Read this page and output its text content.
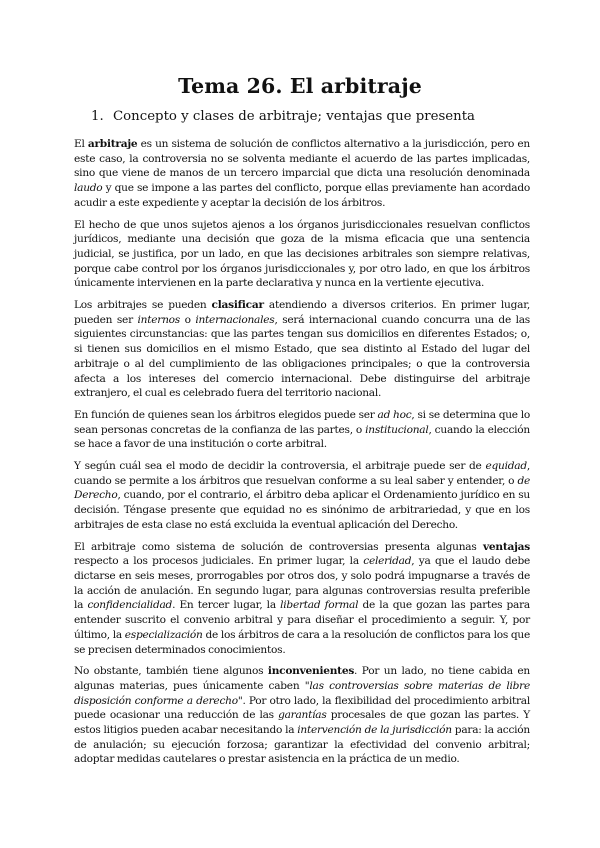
Tema 26. El arbitraje
1. Concepto y clases de arbitraje; ventajas que presenta

El arbitraje es un sistema de solución de conflictos alternativo a la jurisdicción, pero en este caso, la controversia no se solventa mediante el acuerdo de las partes implicadas, sino que viene de manos de un tercero imparcial que dicta una resolución denominada laudo y que se impone a las partes del conflicto, porque ellas previamente han acordado acudir a este expediente y aceptar la decisión de los árbitros.

El hecho de que unos sujetos ajenos a los órganos jurisdiccionales resuelvan conflictos jurídicos, mediante una decisión que goza de la misma eficacia que una sentencia judicial, se justifica, por un lado, en que las decisiones arbitrales son siempre relativas, porque cabe control por los órganos jurisdiccionales y, por otro lado, en que los árbitros únicamente intervienen en la parte declarativa y nunca en la vertiente ejecutiva.

Los arbitrajes se pueden clasificar atendiendo a diversos criterios. En primer lugar, pueden ser internos o internacionales, será internacional cuando concurra una de las siguientes circunstancias: que las partes tengan sus domicilios en diferentes Estados; o, si tienen sus domicilios en el mismo Estado, que sea distinto al Estado del lugar del arbitraje o al del cumplimiento de las obligaciones principales; o que la controversia afecta a los intereses del comercio internacional. Debe distinguirse del arbitraje extranjero, el cual es celebrado fuera del territorio nacional.

En función de quienes sean los árbitros elegidos puede ser ad hoc, si se determina que lo sean personas concretas de la confianza de las partes, o institucional, cuando la elección se hace a favor de una institución o corte arbitral.

Y según cuál sea el modo de decidir la controversia, el arbitraje puede ser de equidad, cuando se permite a los árbitros que resuelvan conforme a su leal saber y entender, o de Derecho, cuando, por el contrario, el árbitro deba aplicar el Ordenamiento jurídico en su decisión. Téngase presente que equidad no es sinónimo de arbitrariedad, y que en los arbitrajes de esta clase no está excluida la eventual aplicación del Derecho.

El arbitraje como sistema de solución de controversias presenta algunas ventajas respecto a los procesos judiciales. En primer lugar, la celeridad, ya que el laudo debe dictarse en seis meses, prorrogables por otros dos, y solo podrá impugnarse a través de la acción de anulación. En segundo lugar, para algunas controversias resulta preferible la confidencialidad. En tercer lugar, la libertad formal de la que gozan las partes para entender suscrito el convenio arbitral y para diseñar el procedimiento a seguir. Y, por último, la especialización de los árbitros de cara a la resolución de conflictos para los que se precisen determinados conocimientos.

No obstante, también tiene algunos inconvenientes. Por un lado, no tiene cabida en algunas materias, pues únicamente caben "las controversias sobre materias de libre disposición conforme a derecho". Por otro lado, la flexibilidad del procedimiento arbitral puede ocasionar una reducción de las garantías procesales de que gozan las partes. Y estos litigios pueden acabar necesitando la intervención de la jurisdicción para: la acción de anulación; su ejecución forzosa; garantizar la efectividad del convenio arbitral; adoptar medidas cautelares o prestar asistencia en la práctica de un medio.
